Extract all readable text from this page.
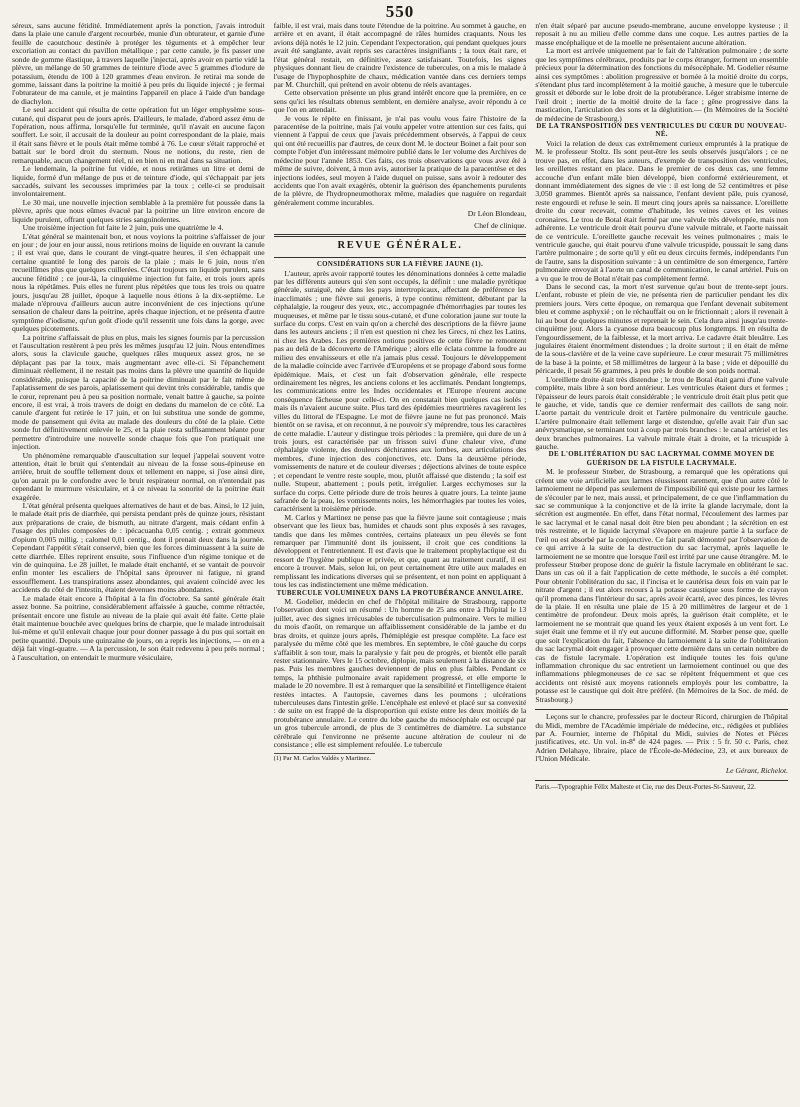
550

séreux, sans aucune fétidité. Immédiatement après la ponction, j'avais introduit dans la plaie une canule d'argent recourbée, munie d'un obturateur, et garnie d'une feuille de caoutchouc destinée à protéger les téguments et à empêcher leur excoriation au contact du pavillon métallique ; par cette canule, je fis passer une sonde de gomme élastique, à travers laquelle j'injectai, après avoir en partie vidé la plèvre, un mélange de 50 grammes de teinture d'iode avec 5 grammes d'iodure de potassium, étendu de 100 à 120 grammes d'eau environ. Je retirai ma sonde de gomme, laissant dans la poitrine la moitié à peu près du liquide injecté ; je fermai l'obturateur de ma canule, et je maintins l'appareil en place à l'aide d'un bandage de diachylon.

Le seul accident qui résulta de cette opération fut un léger emphysème sous-cutané, qui disparut peu de jours après. D'ailleurs, le malade, d'abord assez ému de l'opération, nous affirma, lorsqu'elle fut terminée, qu'il n'avait en aucune façon souffert. Le soir, il accusait de la douleur au point correspondant de la plaie, mais il était sans fièvre et le pouls était même tombé à 76. Le cœur s'était rapproché et battait sur le bord droit du sternum. Nous ne notions, du reste, rien de remarquable, aucun changement réel, ni en bien ni en mal dans sa situation.

Le lendemain, la poitrine fut vidée, et nous retirâmes un litre et demi de liquide, formé d'un mélange de pus et de teinture d'iode, qui s'échappait par jets saccadés, suivant les secousses imprimées par la toux ; celle-ci se produisait involontairement.

Le 30 mai, une nouvelle injection semblable à la première fut poussée dans la plèvre, après que nous eûmes évacué par la poitrine un litre environ encore de liquide purulent, offrant quelques stries sanguinolentes.

Une troisième injection fut faite le 2 juin, puis une quatrième le 4.

L'état général se maintenait bon, et nous voyions la poitrine s'affaisser de jour en jour ; de jour en jour aussi, nous retirions moins de liquide en ouvrant la canule ; il est vrai que, dans le courant de vingt-quatre heures, il s'en échappait une certaine quantité le long des parois de la plaie ; mais le 6 juin, nous n'en recueillîmes plus que quelques cuillerées. C'était toujours un liquide purulent, sans aucune fétidité ; ce jour-là, la cinquième injection fut faite, et trois jours après nous la répétâmes. Puis elles ne furent plus répétées que tous les trois ou quatre jours, jusqu'au 28 juillet, époque à laquelle nous étions à la dix-septième. Le malade n'éprouva d'ailleurs aucun autre inconvénient de ces injections qu'une sensation de chaleur dans la poitrine, après chaque injection, et ne présenta d'autre symptôme d'iodisme, qu'un goût d'iode qu'il ressentit une fois dans la gorge, avec quelques picotements.

La poitrine s'affaissait de plus en plus, mais les signes fournis par la percussion et l'auscultation restèrent à peu près les mêmes jusqu'au 12 juin. Nous entendîmes alors, sous la clavicule gauche, quelques râles muqueux assez gros, ne se déplaçant pas par la toux, mais augmentant avec elle-ci. Si l'épanchement diminuait réellement, il ne restait pas moins dans la plèvre une quantité de liquide considérable, puisque la capacité de la poitrine diminuait par le fait même de l'aplatissement de ses parois, aplatissement qui devint très considérable, tandis que le cœur, reprenant peu à peu sa position normale, venait battre à gauche, sa pointe encore, il est vrai, à trois travers de doigt en dedans du mamelon de ce côté. La canule d'argent fut retirée le 17 juin, et on lui substitua une sonde de gomme, mode de pansement qui évita au malade des douleurs du côté de la plaie. Cette sonde fut définitivement enlevée le 25, et la plaie resta suffisamment béante pour permettre d'introduire une nouvelle sonde chaque fois que l'on pratiquait une injection.

Un phénomène remarquable d'auscultation sur lequel j'appelai souvent votre attention, était le bruit qui s'entendait au niveau de la fosse sous-épineuse en arrière, bruit de souffle tellement doux et tellement en nappe, si j'ose ainsi dire, qu'on aurait pu le confondre avec le bruit respirateur normal, on n'entendait pas cependant le murmure vésiculaire, et à ce niveau la sonorité de la poitrine était exagérée.

L'état général présenta quelques alternatives de haut et de bas. Ainsi, le 12 juin, le malade était pris de diarrhée, qui persista pendant près de quinze jours, résistant aux préparations de craie, de bismuth, au nitrate d'argent, mais cédant enfin à l'usage des pilules composées de : ipécacuanha 0,05 centig. ; extrait gommeux d'opium 0,005 millig. ; calomel 0,01 centig., dont il prenait deux dans la journée. Cependant l'appétit s'était conservé, bien que les forces diminuassent à la suite de cette diarrhée. Elles reprirent ensuite, sous l'influence d'un régime tonique et de vin de quinquina. Le 28 juillet, le malade était enchanté, et se vantait de pouvoir enfin monter les escaliers de l'hôpital sans éprouver ni fatigue, ni grand essoufflement. Les transpirations assez abondantes, qui avaient coïncidé avec les accidents du côté de l'intestin, étaient devenues moins abondantes.

Le malade était encore à l'hôpital à la fin d'octobre. Sa santé générale était assez bonne. Sa poitrine, considérablement affaissée à gauche, comme rétractée, présentait encore une fistule au niveau de la plaie qui avait été faite. Cette plaie était maintenue bouchée avec quelques brins de charpie, que le malade introduisait lui-même et qu'il enlevait chaque jour pour donner passage à du pus qui sortait en petite quantité. Depuis une quinzaine de jours, on a repris les injections, — on en a déjà fait vingt-quatre. — A la percussion, le son était redevenu à peu près normal ; à l'auscultation, on entendait le murmure vésiculaire,

faible, il est vrai, mais dans toute l'étendue de la poitrine. Au sommet à gauche, en arrière et en avant, il était accompagné de râles humides craquants. Nous les avions déjà notés le 12 juin. Cependant l'expectoration, qui pendant quelques jours avait été sanglante, avait repris ses caractères insignifiants ; la toux était rare, et l'état général restait, en définitive, assez satisfaisant. Toutefois, les signes physiques donnant lieu de craindre l'existence de tubercules, on a mis le malade à l'usage de l'hypophosphite de chaux, médication vantée dans ces derniers temps par M. Churchill, qui prétend en avoir obtenu de réels avantages.

Cette observation présente un plus grand intérêt encore que la première, en ce sens qu'ici les résultats obtenus semblent, en dernière analyse, avoir répondu à ce que l'on en attendait.

Je vous le répète en finissant, je n'ai pas voulu vous faire l'histoire de la paracentèse de la poitrine, mais j'ai voulu appeler votre attention sur ces faits, qui viennent à l'appui de ceux que j'avais précédemment observés, à l'appui de ceux qui ont été recueillis par d'autres, de ceux dont M. le docteur Boinet a fait pour son compte l'objet d'un intéressant mémoire publié dans le 1er volume des Archives de médecine pour l'année 1853. Ces faits, ces trois observations que vous avez été à même de suivre, doivent, à mon avis, autoriser la pratique de la paracentèse et des injections iodées, seul moyen à l'aide duquel on puisse, sans avoir à redouter des accidents que l'on avait exagérés, obtenir la guérison des épanchements purulents de la plèvre, de l'hydropneumothorax même, maladies que naguère on regardait généralement comme incurables.

Dr Léon Blondeau,

Chef de clinique.

REVUE GÉNÉRALE.

CONSIDÉRATIONS SUR LA FIÈVRE JAUNE (1).

L'auteur, après avoir rapporté toutes les dénominations données à cette maladie par les différents auteurs qui s'en sont occupés, la définit : une maladie pyrétique générale, suraiguë, née dans les pays intertropicaux, affectant de préférence les inacclimatés ; une fièvre sui generis, à type continu rémittent, débutant par la céphalalgie, la rougeur des yeux, etc., accompagnée d'hémorrhagies par toutes les muqueuses, et même par le tissu sous-cutané, et d'une coloration jaune sur toute la surface du corps. C'est en vain qu'on a cherché des descriptions de la fièvre jaune dans les auteurs anciens ; il n'en est question ni chez les Grecs, ni chez les Latins, ni chez les Arabes. Les premières notions positives de cette fièvre ne remontent pas au delà de la découverte de l'Amérique ; alors elle éclata comme la foudre au milieu des envahisseurs et elle n'a jamais plus cessé. Toujours le développement de la maladie coïncide avec l'arrivée d'Européens et se propage d'abord sous forme épidémique. Mais, et c'est un fait d'observation générale, elle respecte ordinairement les nègres, les anciens colons et les acclimatés. Pendant longtemps, les communications entre les Indes occidentales et l'Europe n'eurent aucune conséquence fâcheuse pour celle-ci. On en constatait bien quelques cas isolés ; mais ils n'avaient aucune suite. Plus tard des épidémies meurtrières ravagèrent les villes du littoral de l'Espagne. Le mot de fièvre jaune ne fut pas prononcé. Mais bientôt on se ravisa, et on reconnut, à ne pouvoir s'y méprendre, tous les caractères de cette maladie. L'auteur y distingue trois périodes : la première, qui dure de un à trois jours, est caractérisée par un frisson suivi d'une chaleur vive, d'une céphalalgie violente, des douleurs déchirantes aux lombes, aux articulations des membres, d'une injection des conjonctives, etc. Dans la deuxième période, vomissements de nature et de couleur diverses ; déjections alvines de toute espèce ; et cependant le ventre reste souple, mou, plutôt affaissé que distendu ; la soif est nulle. Stupeur, abattement ; pouls petit, irrégulier. Larges ecchymoses sur la surface du corps. Cette période dure de trois heures à quatre jours. La teinte jaune safranée de la peau, les vomissements noirs, les hémorrhagies par toutes les voies, caractérisent la troisième période.

M. Carlos y Martinez ne pense pas que la fièvre jaune soit contagieuse ; mais observant que les lieux bas, humides et chauds sont plus exposés à ses ravages, tandis que dans les mêmes contrées, certains plateaux un peu élevés se font remarquer par l'immunité dont ils jouissent, il croit que ces conditions la développent et l'entretiennent. Il est d'avis que le traitement prophylactique est du ressort de l'hygiène publique et privée, et que, quant au traitement curatif, il est encore à trouver. Mais, selon lui, on peut certainement être utile aux malades en remplissant les indications diverses qui se présentent, et non point en appliquant à tous les cas indistinctement une même médication.

TUBERCULE VOLUMINEUX DANS LA PROTUBÉRANCE ANNULAIRE.

M. Godelier, médecin en chef de l'hôpital militaire de Strasbourg, rapporte l'observation dont voici un résumé : Un homme de 25 ans entre à l'hôpital le 13 juillet, avec des signes irrécusables de tuberculisation pulmonaire. Vers le milieu du mois d'août, on remarque un affaiblissement considérable de la jambe et du bras droits, et quinze jours après, l'hémiplégie est presque complète. La face est paralysée du même côté que les membres. En septembre, le côté gauche du corps s'affaiblit à son tour, mais la paralysie y fait peu de progrès, et bientôt elle paraît rester stationnaire. Vers le 15 octobre, diplopie, mais seulement à la distance de six pas. Puis les membres gauches deviennent de plus en plus faibles. Pendant ce temps, la phthisie pulmonaire avait rapidement progressé, et elle emporte le malade le 20 novembre. Il est à remarquer que la sensibilité et l'intelligence étaient restées intactes. A l'autopsie, cavernes dans les poumons ; ulcérations tuberculeuses dans l'intestin grêle. L'encéphale est enlevé et placé sur sa convexité : de suite on est frappé de la disproportion qui existe entre les deux moitiés de la protubérance annulaire. Le centre du lobe gauche du mésocéphale est occupé par un gros tubercule arrondi, de plus de 3 centimètres de diamètre. La substance cérébrale qui l'environne ne présente aucune altération de couleur ni de consistance ; elle est simplement refoulée. Le tubercule

(1) Par M. Carlos Valdès y Martinez.

n'en était séparé par aucune pseudo-membrane, aucune enveloppe kysteuse ; il reposait à nu au milieu d'elle comme dans une coque. Les autres parties de la masse encéphalique et de la moelle ne présentaient aucune altération.

La mort est arrivée uniquement par le fait de l'altération pulmonaire ; de sorte que les symptômes cérébraux, produits par le corps étranger, forment un ensemble précieux pour la détermination des fonctions du mésocéphale. M. Godelier résume ainsi ces symptômes : abolition progressive et bornée à la moitié droite du corps, s'étendant plus tard incomplètement à la moitié gauche, à mesure que le tubercule grossit et déborde sur le lobe droit de la protubérance. Léger strabisme interne de l'œil droit ; inertie de la moitié droite de la face ; gêne progressive dans la mastication, l'articulation des sons et la déglutition.— (In Mémoires de la Société de médecine de Strasbourg.)

DE LA TRANSPOSITION DES VENTRICULES DU CŒUR DU NOUVEAU-NÉ.

Voici la relation de deux cas extrêmement curieux empruntés à la pratique de M. le professeur Stoltz. Ils sont peut-être les seuls observés jusqu'alors ; ce ne trouve pas, en effet, dans les auteurs, d'exemple de transposition des ventricules, les oreillettes restant en place. Dans le premier de ces deux cas, une femme accouche d'un enfant mâle bien développé, bien conformé extérieurement, et donnant immédiatement des signes de vie : il est long de 52 centimètres et pèse 3,050 grammes. Bientôt après sa naissance, l'enfant devient pâle, puis cyanosé, reste engourdi et refuse le sein. Il meurt cinq jours après sa naissance. L'oreillette droite du cœur recevait, comme d'habitude, les veines caves et les veines coronaires. Le trou de Botal était fermé par une valvule très développée, mais non adhérente. Le ventricule droit était pourvu d'une valvule mitrale, et l'aorte naissait de ce ventricule. L'oreillette gauche recevait les veines pulmonaires ; mais le ventricule gauche, qui était pourvu d'une valvule tricuspide, poussait le sang dans l'artère pulmonaire ; de sorte qu'il y eût eu deux circuits fermés, indépendants l'un de l'autre, sans la disposition suivante : à un centimètre de son émergence, l'artère pulmonaire envoyait à l'aorte un canal de communication, le canal artériel. Puis on a vu que le trou de Botal n'était pas complètement fermé.

Dans le second cas, la mort n'est survenue qu'au bout de trente-sept jours. L'enfant, robuste et plein de vie, ne présenta rien de particulier pendant les dix premiers jours. Vers cette époque, on remarqua que l'enfant devenait subitement bleu et comme asphyxié ; on le réchauffait ou on le frictionnait ; alors il revenait à lui au bout de quelques minutes et reprenait le sein. Cela dura ainsi jusqu'au trente-cinquième jour. Alors la cyanose dura beaucoup plus longtemps. Il en résulta de l'engourdissement, de la faiblesse, et la mort arriva. Le cadavre était bleuâtre. Les jugulaires étaient énormément distendues ; la droite surtout ; il en était de même de la sous-clavière et de la veine cave supérieure. Le cœur mesurait 75 millimètres de la base à la pointe, et 58 millimètres de largeur à la base ; vide et dépouillé du péricarde, il pesait 56 grammes, à peu près le double de son poids normal.

L'oreillette droite était très distendue ; le trou de Botal était garni d'une valvule complète, mais libre à son bord antérieur. Les ventricules étaient durs et fermes ; l'épaisseur de leurs parois était considérable ; le ventricule droit était plus petit que le gauche, et vide, tandis que ce dernier renfermait des caillots de sang noir. L'aorte partait du ventricule droit et l'artère pulmonaire du ventricule gauche. L'artère pulmonaire était tellement large et distendue, qu'elle avait l'air d'un sac anévrysmatique, se terminant tout à coup par trois branches : le canal artériel et les deux branches pulmonaires. La valvule mitrale était à droite, et la tricuspide à gauche.

DE L'OBLITÉRATION DU SAC LACRYMAL COMME MOYEN DE GUÉRISON DE LA FISTULE LACRYMALE.

M. le professeur Stœber, de Strasbourg, a remarqué que les opérations qui créent une voie artificielle aux larmes réussissent rarement, que d'un autre côté le larmoiement ne dépend pas seulement de l'impossibilité qui existe pour les larmes de s'écouler par le nez, mais aussi, et principalement, de ce que l'inflammation du sac se communique à la conjonctive et de là irrite la glande lacrymale, dont la sécrétion est augmentée. En effet, dans l'état normal, l'écoulement des larmes par le sac lacrymal et le canal nasal doit être bien peu abondant ; la sécrétion en est très restreinte, et le liquide lacrymal s'évapore en majeure partie à la surface de l'œil ou est absorbé par la conjonctive. Ce fait paraît démontré par l'observation de ce qui arrive à la suite de la destruction du sac lacrymal, après laquelle le larmoiement ne se montre que lorsque l'œil est irrité par une cause étrangère. M. le professeur Stœber propose donc de guérir la fistule lacrymale en oblitérant le sac. Dans un cas où il a fait l'application de cette méthode, le succès a été complet. Pour obtenir l'oblitération du sac, il l'incisa et le cautérisa deux fois en vain par le nitrate d'argent ; il eut alors recours à la potasse caustique sous forme de crayon qu'il promena dans l'intérieur du sac, après avoir écarté, avec des pinces, les lèvres de la plaie. Il en résulta une plaie de 15 à 20 millimètres de largeur et de 1 centimètre de profondeur. Deux mois après, la guérison était complète, et le larmoiement ne se montrait que quand les yeux étaient exposés à un vent fort. Le sujet était une femme et il n'y eut aucune difformité. M. Stœber pense que, quelle que soit l'explication du fait, l'absence du larmoiement à la suite de l'oblitération du sac lacrymal doit engager à provoquer cette dernière dans un certain nombre de cas de fistule lacrymale. L'opération est indiquée toutes les fois qu'une inflammation chronique du sac entretient un larmoiement continuel ou que des inflammations phlegmoneuses de ce sac se répètent fréquemment et que ces accidents ont résisté aux moyens rationnels employés pour les combattre, la potasse est le caustique qui doit être préféré. (In Mémoires de la Soc. de méd. de Strasbourg.)

Leçons sur le chancre, professées par le docteur Ricord, chirurgien de l'hôpital du Midi, membre de l'Académie impériale de médecine, etc., rédigées et publiées par A. Fournier, interne de l'hôpital du Midi, suivies de Notes et Pièces justificatives, etc. Un vol. in-8º de 424 pages. — Prix : 5 fr. 50 c. Paris, chez Adrien Delahaye, libraire, place de l'École-de-Médecine, 23, et aux bureaux de l'Union Médicale.

Le Gérant, Richelot.

Paris.—Typographie Félix Malteste et Cie, rue des Deux-Portes-St-Sauveur, 22.
